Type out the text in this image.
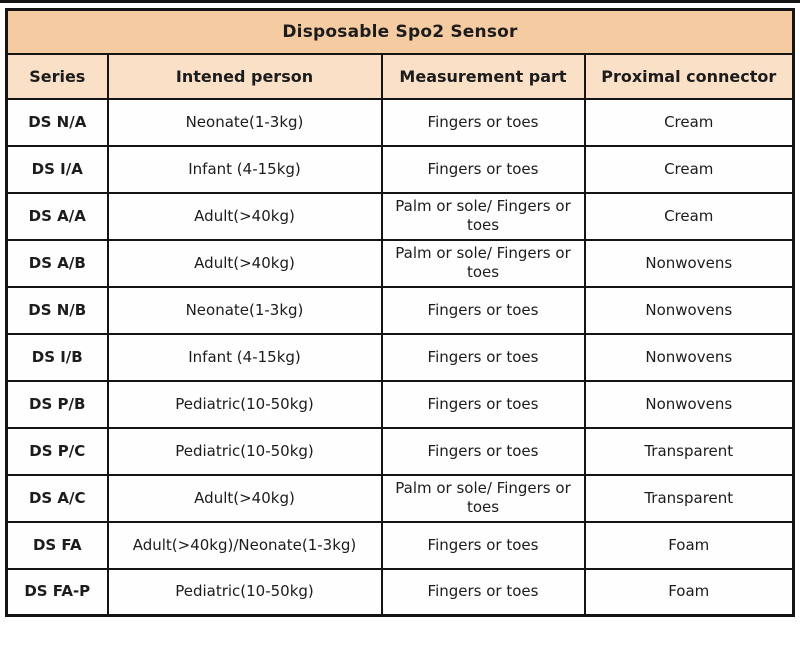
Disposable Spo2 Sensor			
Series	Intened person	Measurement part	Proximal connector
DS N/A	Neonate(1-3kg)	Fingers or toes	Cream
DS I/A	Infant (4-15kg)	Fingers or toes	Cream
DS A/A	Adult(>40kg)	Palm or sole/ Fingers or toes	Cream
DS A/B	Adult(>40kg)	Palm or sole/ Fingers or toes	Nonwovens
DS N/B	Neonate(1-3kg)	Fingers or toes	Nonwovens
DS I/B	Infant (4-15kg)	Fingers or toes	Nonwovens
DS P/B	Pediatric(10-50kg)	Fingers or toes	Nonwovens
DS P/C	Pediatric(10-50kg)	Fingers or toes	Transparent
DS A/C	Adult(>40kg)	Palm or sole/ Fingers or toes	Transparent
DS FA	Adult(>40kg)/Neonate(1-3kg)	Fingers or toes	Foam
DS FA-P	Pediatric(10-50kg)	Fingers or toes	Foam
